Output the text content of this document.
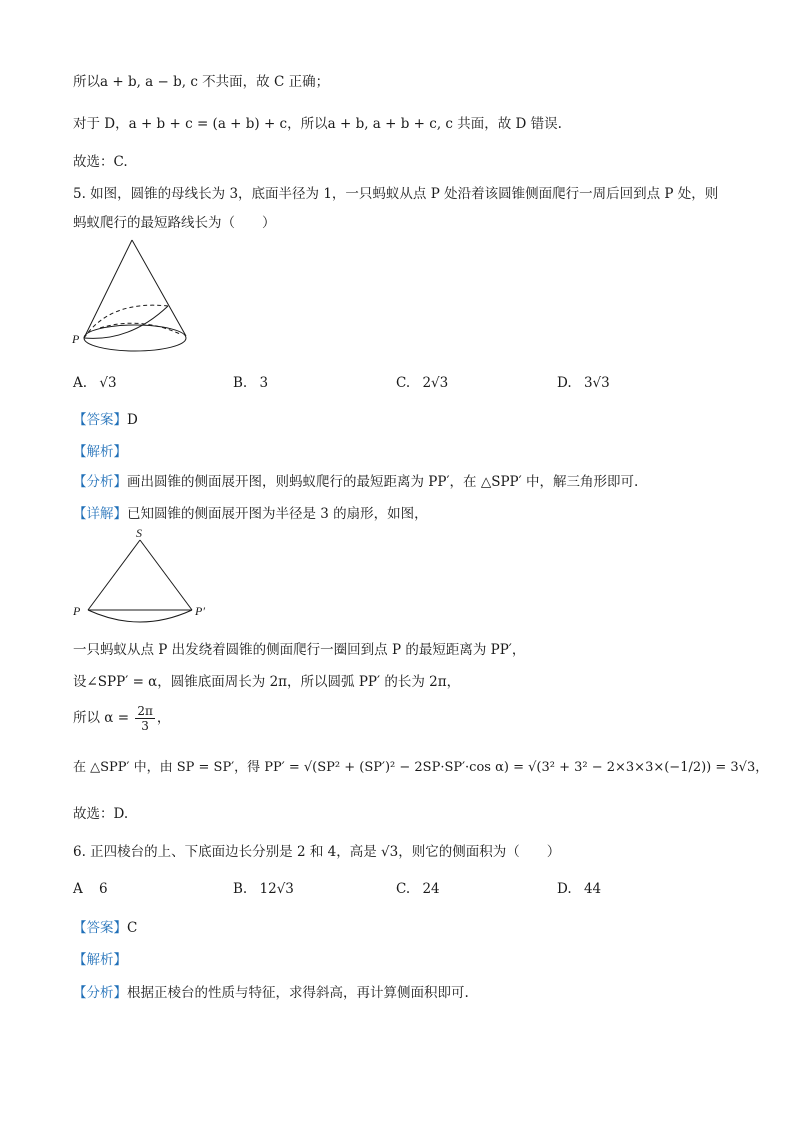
所以a + b, a − b, c 不共面，故 C 正确；
对于 D，a + b + c = (a + b) + c，所以a + b, a + b + c, c 共面，故 D 错误.
故选：C.
5. 如图，圆锥的母线长为 3，底面半径为 1，一只蚂蚁从点 P 处沿着该圆锥侧面爬行一周后回到点 P 处，则
蚂蚁爬行的最短路线长为（　　）
P
A. √3	B. 3	C. 2√3	D. 3√3
【答案】D
【解析】
【分析】画出圆锥的侧面展开图，则蚂蚁爬行的最短距离为 PP′，在 △SPP′ 中，解三角形即可.
【详解】已知圆锥的侧面展开图为半径是 3 的扇形，如图，
S
P	P′
一只蚂蚁从点 P 出发绕着圆锥的侧面爬行一圈回到点 P 的最短距离为 PP′，
设∠SPP′ = α，圆锥底面周长为 2π，所以圆弧 PP′ 的长为 2π，
所以 $\alpha = \frac{2\pi}{3}$ ，
在 △SPP′ 中，由 SP = SP′，得 PP′ = √(SP² + (SP′)² − 2SP·SP′·cos α) = √(3² + 3² − 2×3×3×(−1/2)) = 3√3，
故选：D.
6. 正四棱台的上、下底面边长分别是 2 和 4，高是 √3，则它的侧面积为（　　）
A 6	B. 12√3	C. 24	D. 44
【答案】C
【解析】
【分析】根据正棱台的性质与特征，求得斜高，再计算侧面积即可.
